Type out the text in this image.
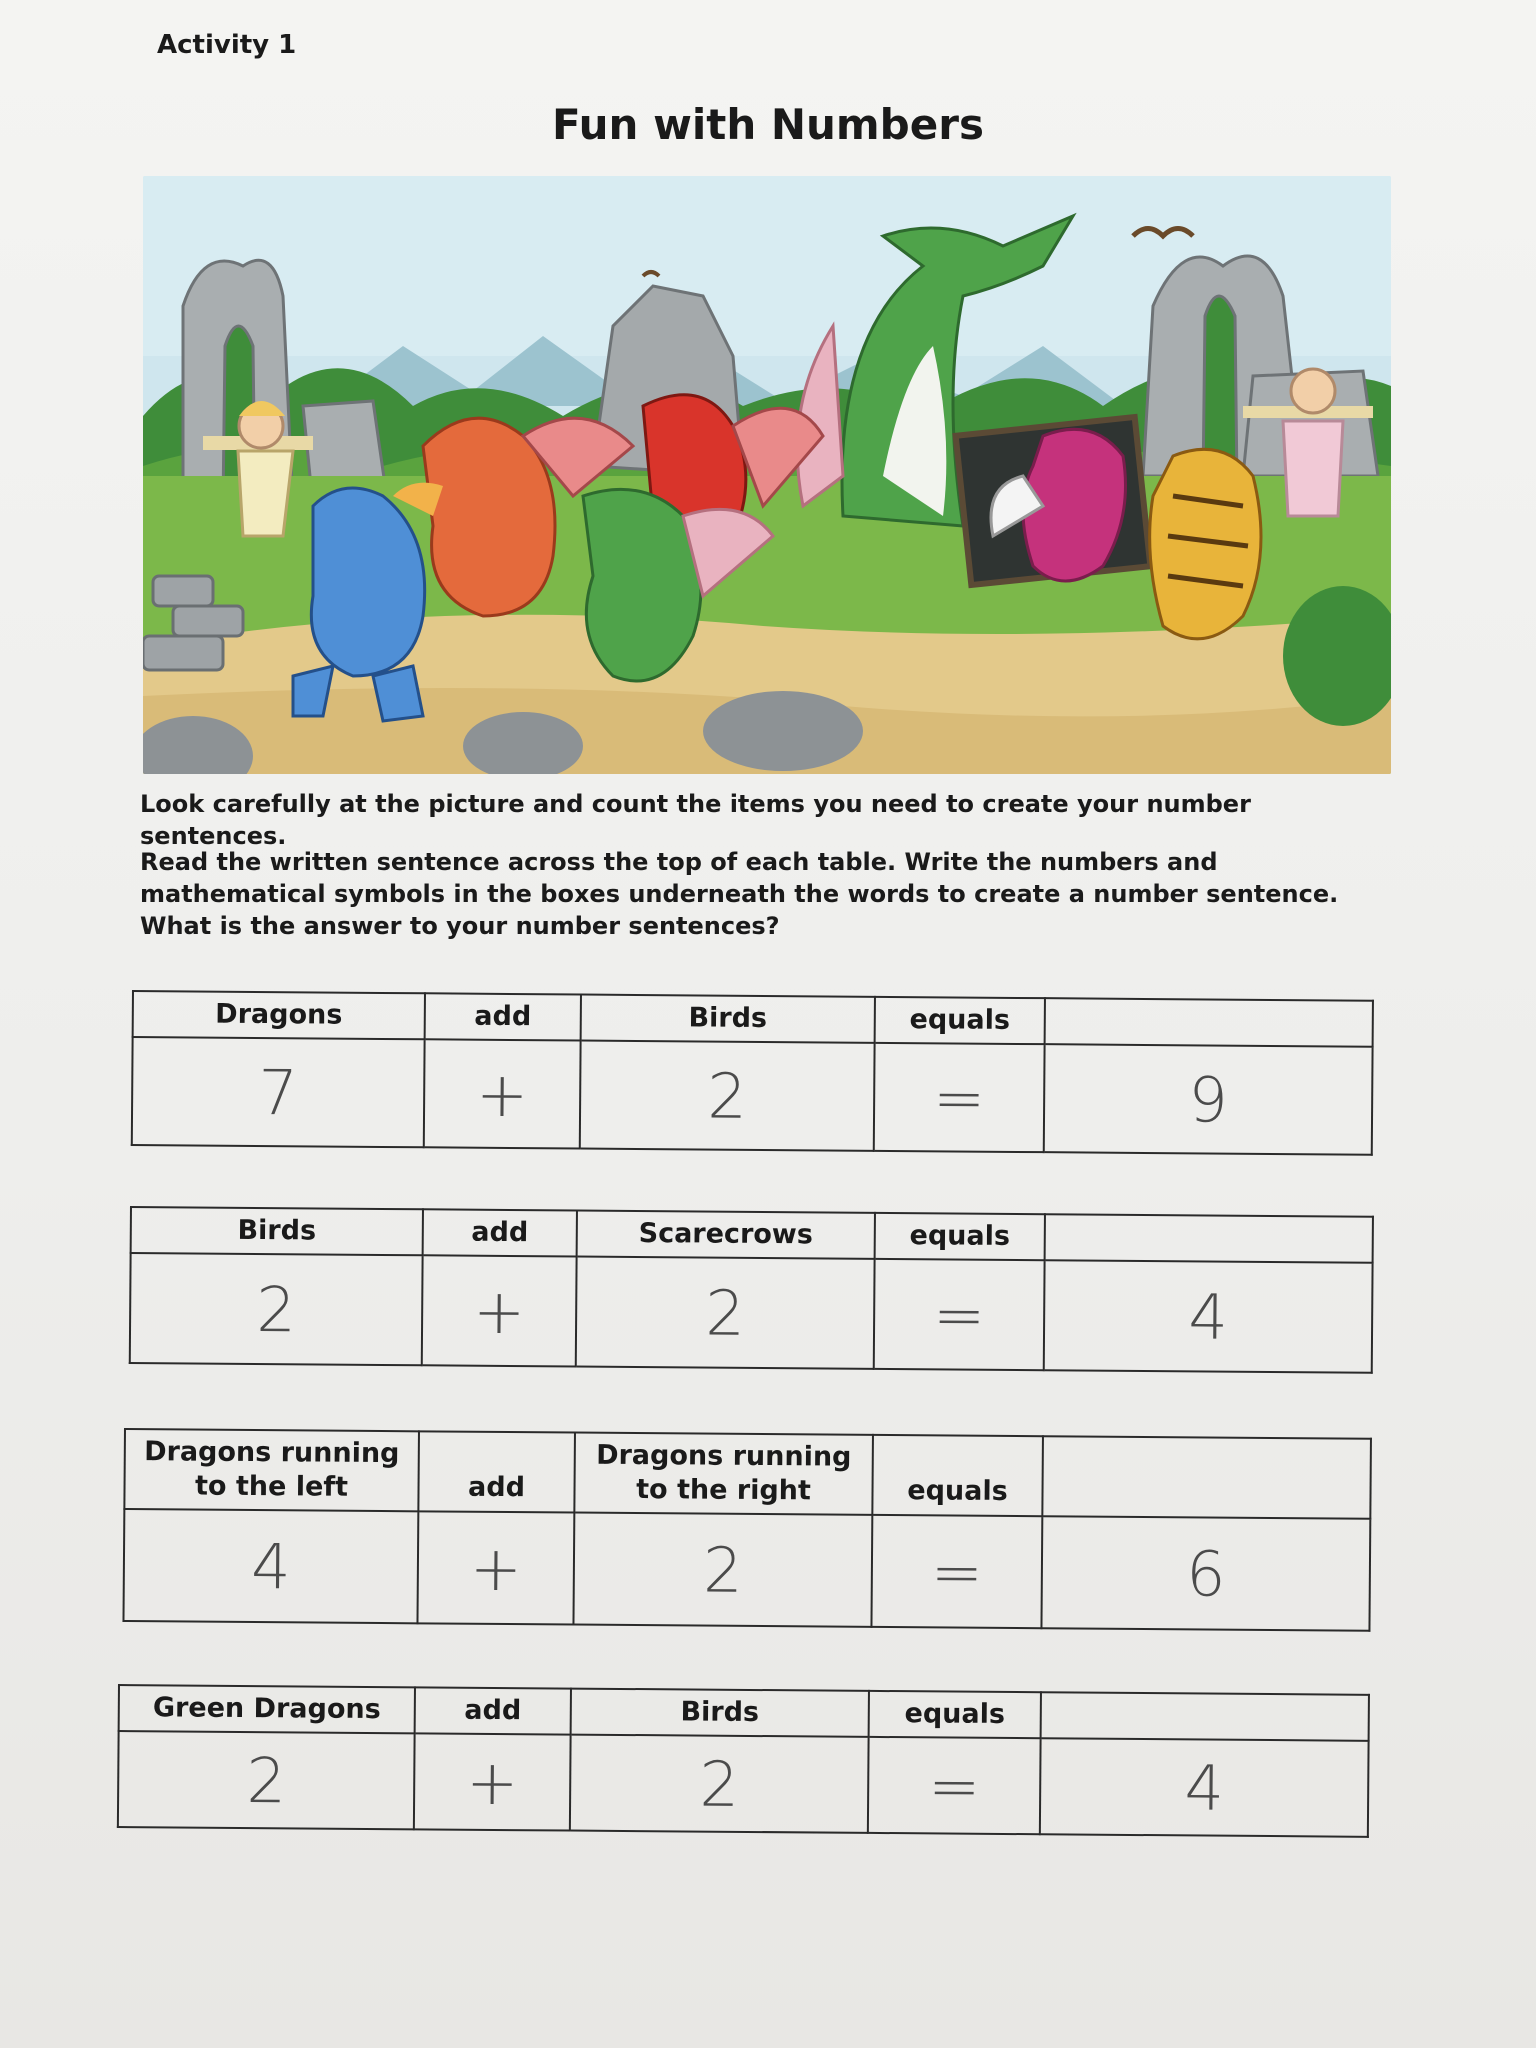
Activity 1
Fun with Numbers
Look carefully at the picture and count the items you need to create your number sentences.
Read the written sentence across the top of each table. Write the numbers and mathematical symbols in the boxes underneath the words to create a number sentence. What is the answer to your number sentences?
Dragons	add	Birds	equals	
7	+	2	=	9
Birds	add	Scarecrows	equals	
2	+	2	=	4
Dragons running to the left	add	Dragons running to the right	equals	
4	+	2	=	6
Green Dragons	add	Birds	equals	
2	+	2	=	4
